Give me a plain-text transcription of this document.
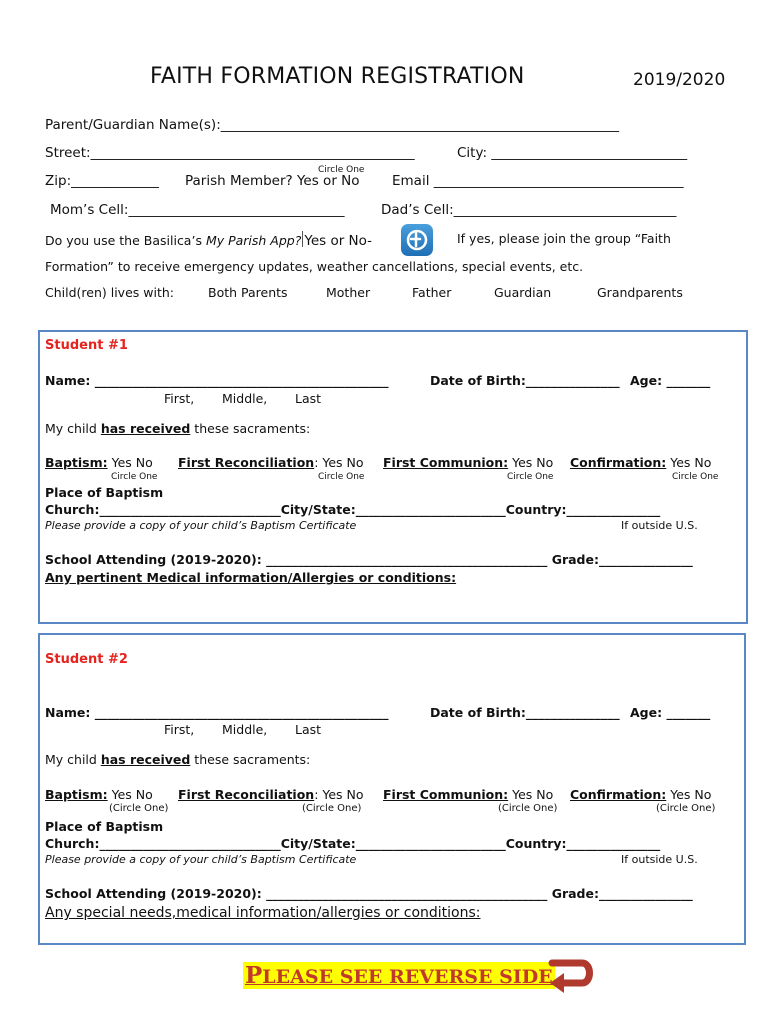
FAITH FORMATION REGISTRATION	2019/2020
Parent/Guardian Name(s):___________________________________________________________
Street:________________________________________________	City: _____________________________
Circle One
Zip:_____________ Parish Member? Yes or No Email _____________________________________
Mom’s Cell:________________________________	Dad’s Cell:_________________________________
Do you use the Basilica’s My Parish App? Yes or No-	If yes, please join the group “Faith
Formation” to receive emergency updates, weather cancellations, special events, etc.
Child(ren) lives with:	Both Parents	Mother	Father	Guardian	Grandparents
Student #1
Name: _______________________________________________	Date of Birth:_______________ Age: _______
First, Middle, Last
My child has received these sacraments:
Baptism: Yes No First Reconciliation: Yes No First Communion: Yes No Confirmation: Yes No
Circle One	Circle One	Circle One	Circle One
Place of Baptism
Church:_____________________________City/State:________________________Country:_______________
Please provide a copy of your child’s Baptism Certificate	If outside U.S.
School Attending (2019-2020): _____________________________________________ Grade:_______________
Any pertinent Medical information/Allergies or conditions:
Student #2
Name: _______________________________________________	Date of Birth:_______________ Age: _______
First, Middle, Last
My child has received these sacraments:
Baptism: Yes No First Reconciliation: Yes No First Communion: Yes No Confirmation: Yes No
(Circle One)	(Circle One)	(Circle One)	(Circle One)
Place of Baptism
Church:_____________________________City/State:________________________Country:_______________
Please provide a copy of your child’s Baptism Certificate	If outside U.S.
School Attending (2019-2020): _____________________________________________ Grade:_______________
Any special needs,medical information/allergies or conditions:
PLEASE SEE REVERSE SIDE
